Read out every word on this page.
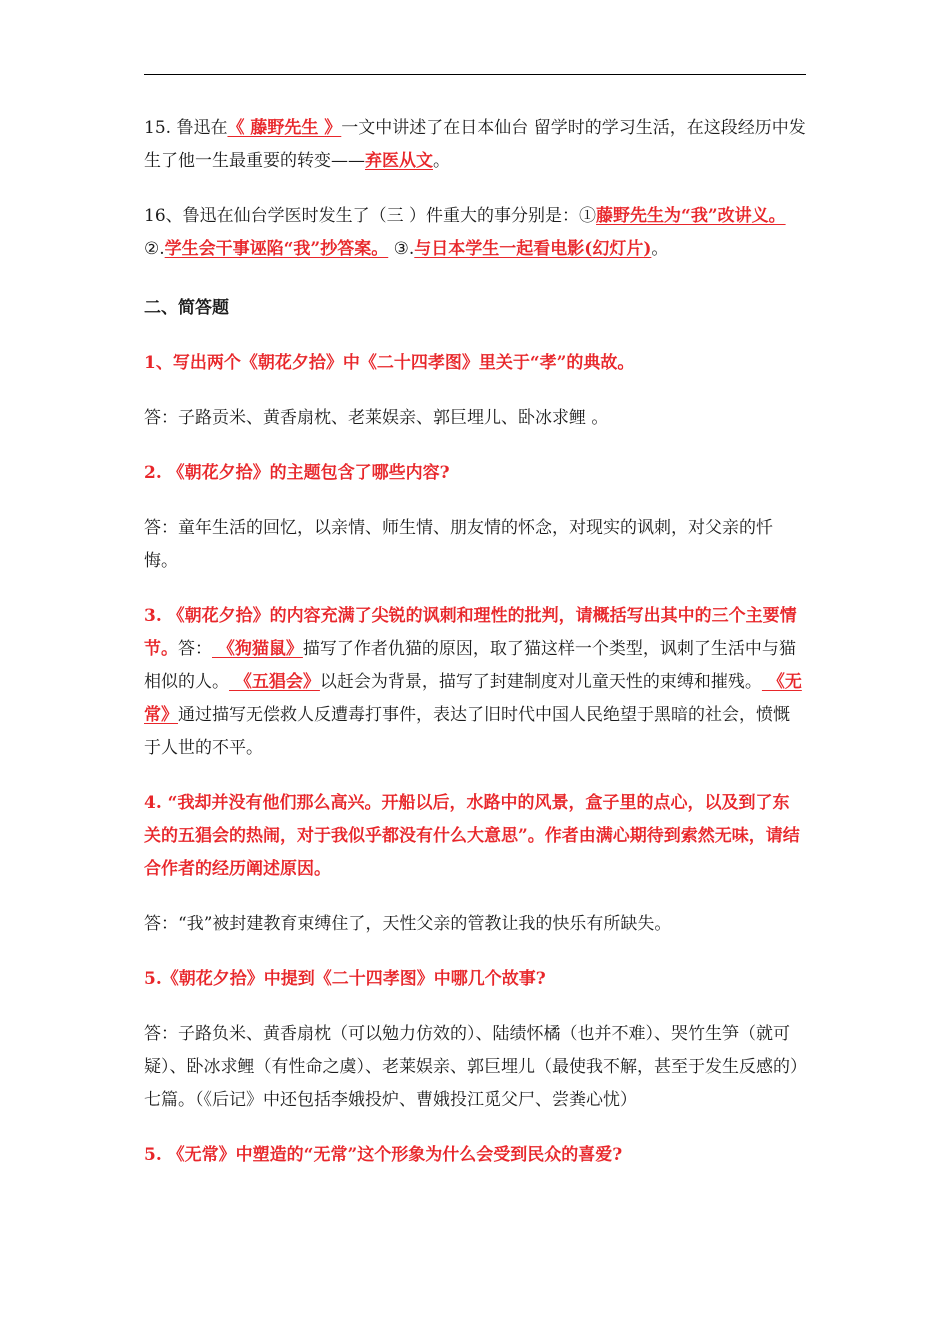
15. 鲁迅在《 藤野先生 》一文中讲述了在日本仙台 留学时的学习生活，在这段经历中发生了他一生最重要的转变——弃医从文。

16、鲁迅在仙台学医时发生了（三 ）件重大的事分别是：①藤野先生为“我”改讲义。 ②.学生会干事诬陷“我”抄答案。 ③.与日本学生一起看电影(幻灯片)。

二、简答题

1、写出两个《朝花夕拾》中《二十四孝图》里关于“孝”的典故。

答：子路贡米、黄香扇枕、老莱娱亲、郭巨埋儿、卧冰求鲤 。

2. 《朝花夕拾》的主题包含了哪些内容?

答：童年生活的回忆，以亲情、师生情、朋友情的怀念，对现实的讽刺，对父亲的忏悔。

3. 《朝花夕拾》的内容充满了尖锐的讽刺和理性的批判，请概括写出其中的三个主要情节。答： 《狗猫鼠》描写了作者仇猫的原因，取了猫这样一个类型，讽刺了生活中与猫相似的人。 《五猖会》以赶会为背景，描写了封建制度对儿童天性的束缚和摧残。 《无常》通过描写无偿救人反遭毒打事件，表达了旧时代中国人民绝望于黑暗的社会，愤慨于人世的不平。

4. “我却并没有他们那么高兴。开船以后，水路中的风景，盒子里的点心，以及到了东关的五猖会的热闹，对于我似乎都没有什么大意思”。作者由满心期待到索然无味，请结合作者的经历阐述原因。

答：“我”被封建教育束缚住了，天性父亲的管教让我的快乐有所缺失。

5.《朝花夕拾》中提到《二十四孝图》中哪几个故事?

答：子路负米、黄香扇枕（可以勉力仿效的）、陆绩怀橘（也并不难）、哭竹生笋（就可疑）、卧冰求鲤（有性命之虞）、老莱娱亲、郭巨埋儿（最使我不解，甚至于发生反感的）七篇。（《后记》中还包括李娥投炉、曹娥投江觅父尸、尝粪心忧）

5. 《无常》中塑造的“无常”这个形象为什么会受到民众的喜爱?
